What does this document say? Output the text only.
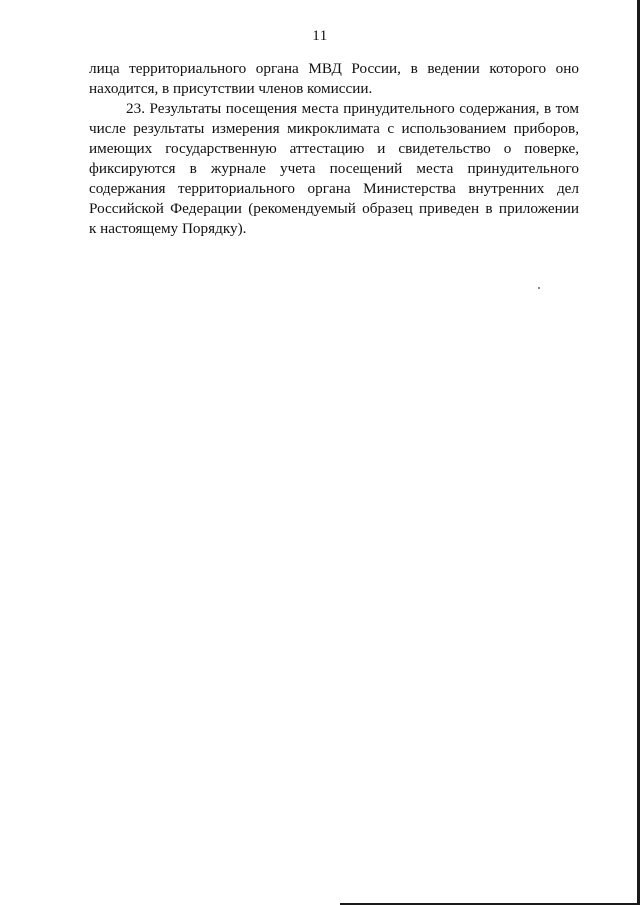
11
лица территориального органа МВД России, в ведении которого оно
находится, в присутствии членов комиссии.
23. Результаты посещения места принудительного содержания, в том
числе результаты измерения микроклимата с использованием приборов,
имеющих государственную аттестацию и свидетельство о поверке,
фиксируются в журнале учета посещений места принудительного
содержания территориального органа Министерства внутренних дел
Российской Федерации (рекомендуемый образец приведен в приложении
к настоящему Порядку).
